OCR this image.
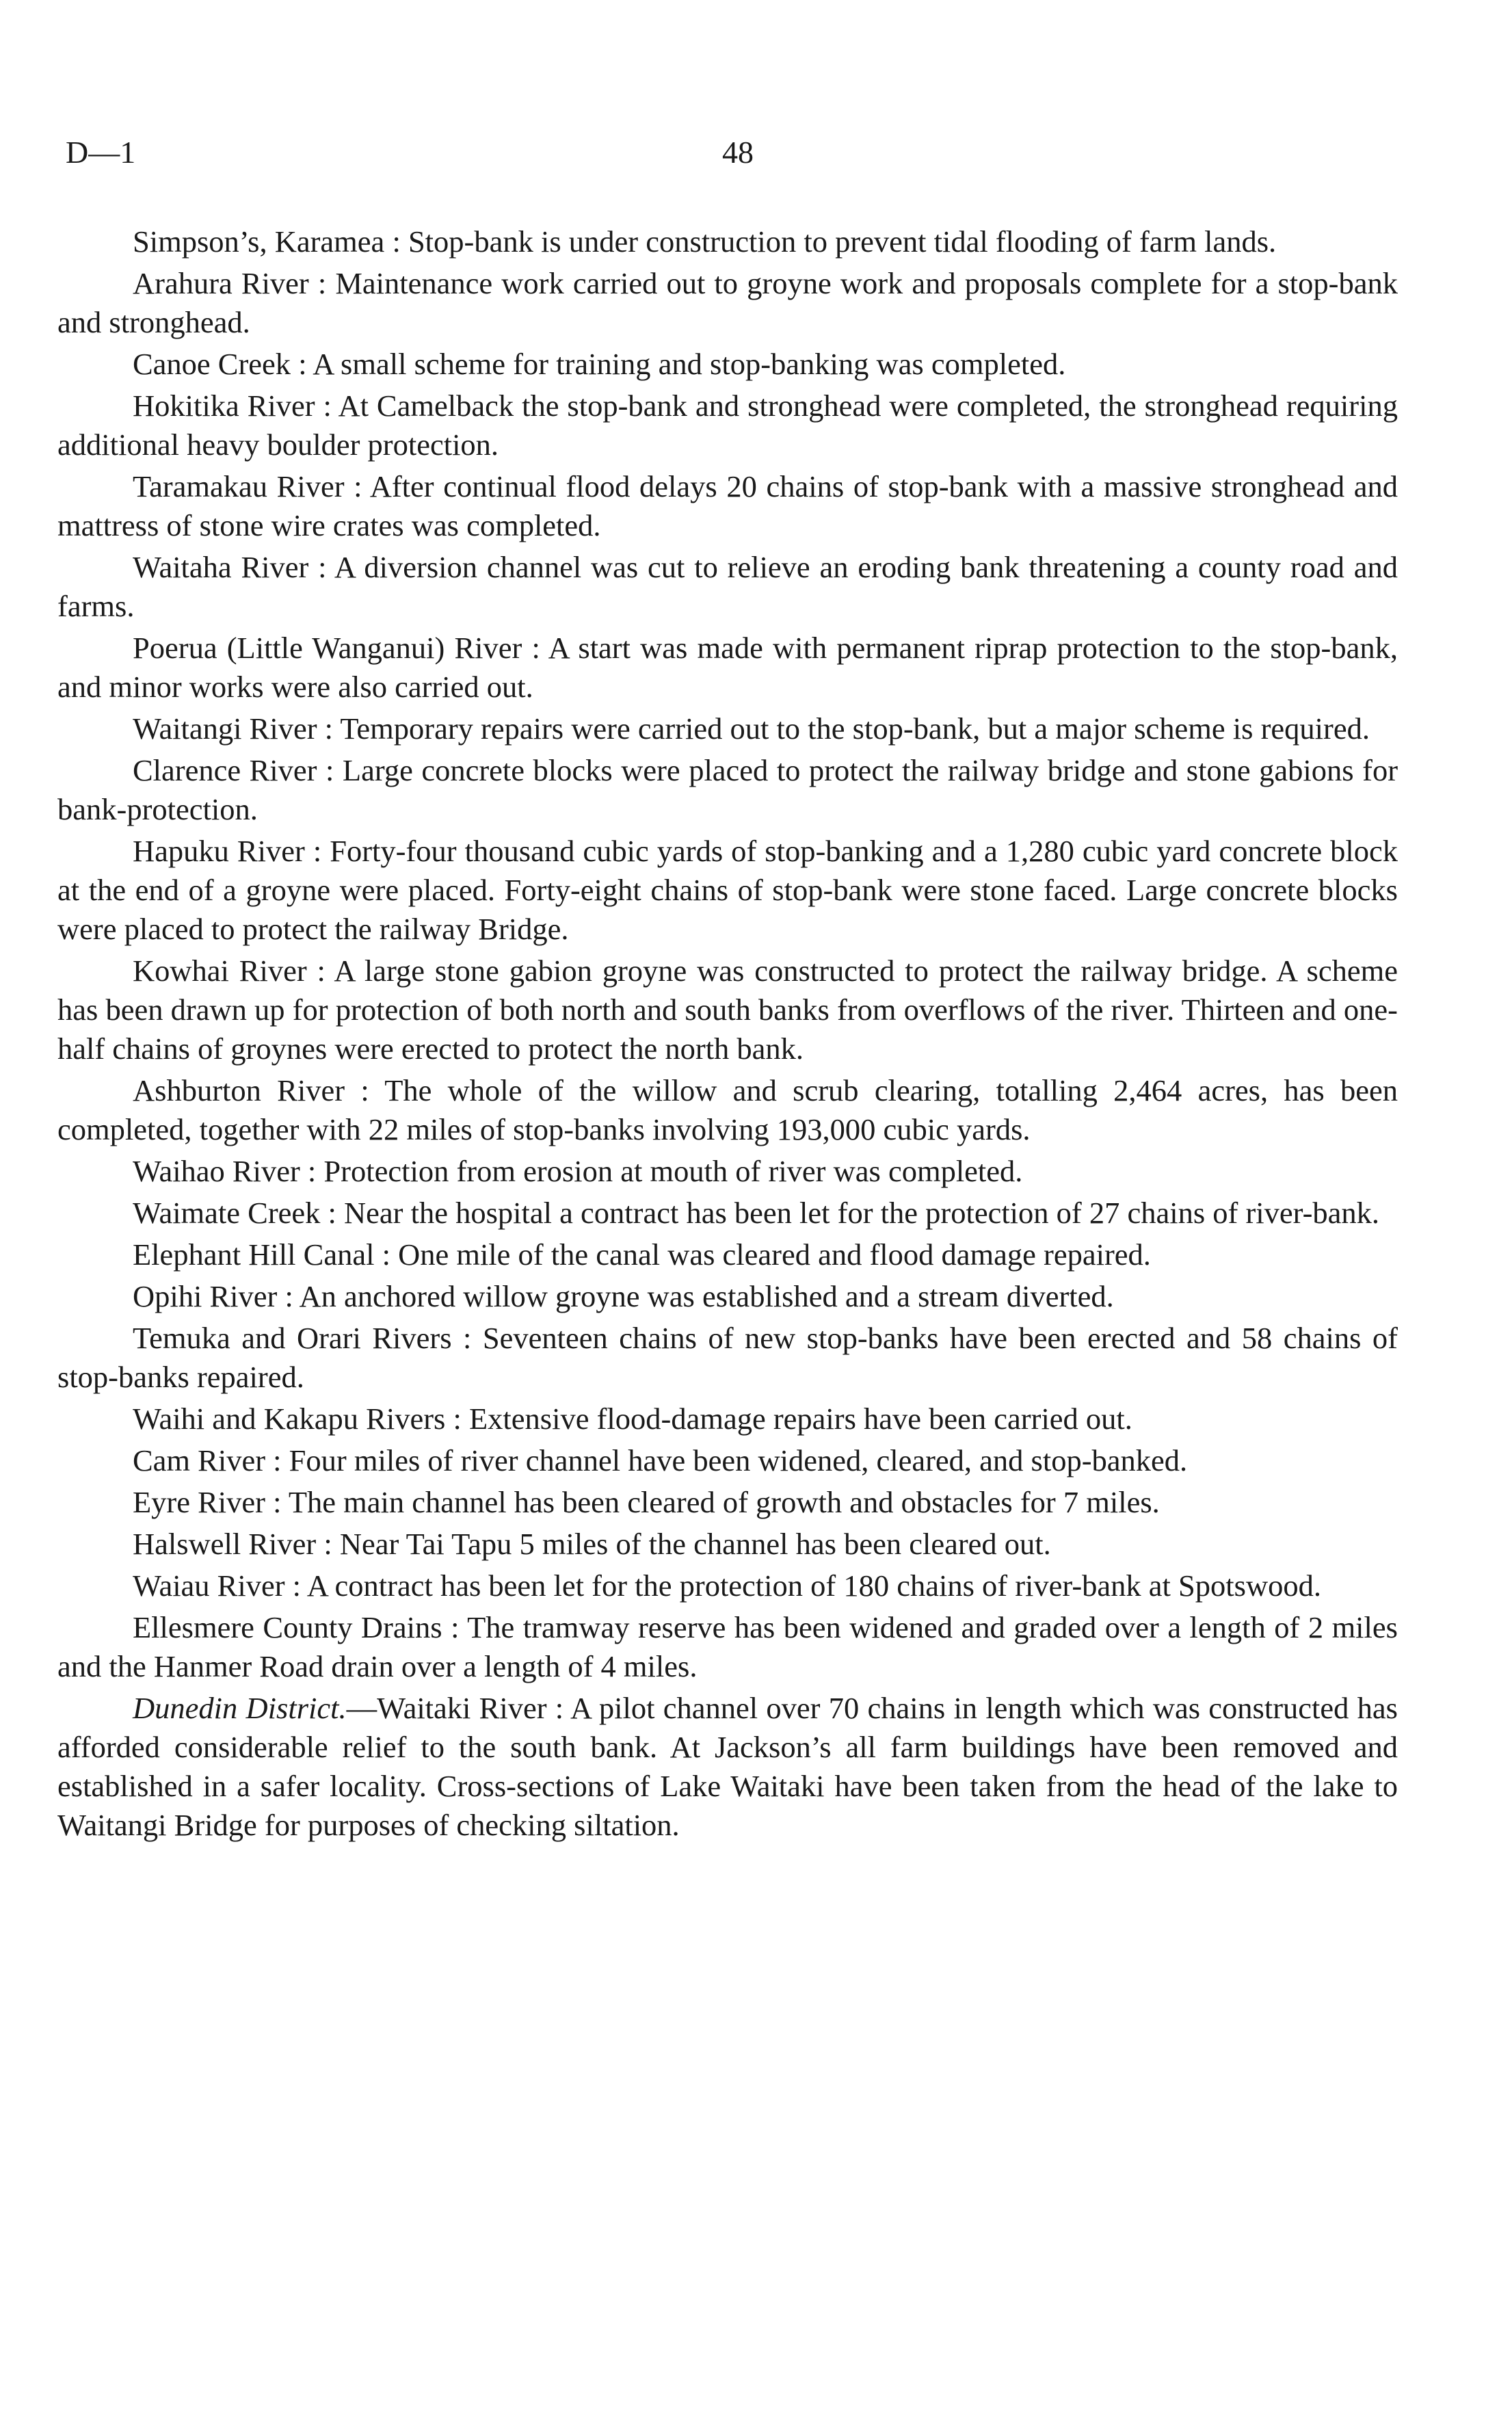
D—1	48

Simpson’s, Karamea : Stop-bank is under construction to prevent tidal flooding of farm lands.

Arahura River : Maintenance work carried out to groyne work and proposals complete for a stop-bank and stronghead.

Canoe Creek : A small scheme for training and stop-banking was completed.

Hokitika River : At Camelback the stop-bank and stronghead were completed, the stronghead requiring additional heavy boulder protection.

Taramakau River : After continual flood delays 20 chains of stop-bank with a massive stronghead and mattress of stone wire crates was completed.

Waitaha River : A diversion channel was cut to relieve an eroding bank threatening a county road and farms.

Poerua (Little Wanganui) River : A start was made with permanent riprap protection to the stop-bank, and minor works were also carried out.

Waitangi River : Temporary repairs were carried out to the stop-bank, but a major scheme is required.

Clarence River : Large concrete blocks were placed to protect the railway bridge and stone gabions for bank-protection.

Hapuku River : Forty-four thousand cubic yards of stop-banking and a 1,280 cubic yard concrete block at the end of a groyne were placed. Forty-eight chains of stop-bank were stone faced. Large concrete blocks were placed to protect the railway Bridge.

Kowhai River : A large stone gabion groyne was constructed to protect the railway bridge. A scheme has been drawn up for protection of both north and south banks from overflows of the river. Thirteen and one-half chains of groynes were erected to protect the north bank.

Ashburton River : The whole of the willow and scrub clearing, totalling 2,464 acres, has been completed, together with 22 miles of stop-banks involving 193,000 cubic yards.

Waihao River : Protection from erosion at mouth of river was completed.

Waimate Creek : Near the hospital a contract has been let for the protection of 27 chains of river-bank.

Elephant Hill Canal : One mile of the canal was cleared and flood damage repaired.

Opihi River : An anchored willow groyne was established and a stream diverted.

Temuka and Orari Rivers : Seventeen chains of new stop-banks have been erected and 58 chains of stop-banks repaired.

Waihi and Kakapu Rivers : Extensive flood-damage repairs have been carried out.

Cam River : Four miles of river channel have been widened, cleared, and stop-banked.

Eyre River : The main channel has been cleared of growth and obstacles for 7 miles.

Halswell River : Near Tai Tapu 5 miles of the channel has been cleared out.

Waiau River : A contract has been let for the protection of 180 chains of river-bank at Spotswood.

Ellesmere County Drains : The tramway reserve has been widened and graded over a length of 2 miles and the Hanmer Road drain over a length of 4 miles.

Dunedin District.—Waitaki River : A pilot channel over 70 chains in length which was constructed has afforded considerable relief to the south bank. At Jackson’s all farm buildings have been removed and established in a safer locality. Cross-sections of Lake Waitaki have been taken from the head of the lake to Waitangi Bridge for purposes of checking siltation.
